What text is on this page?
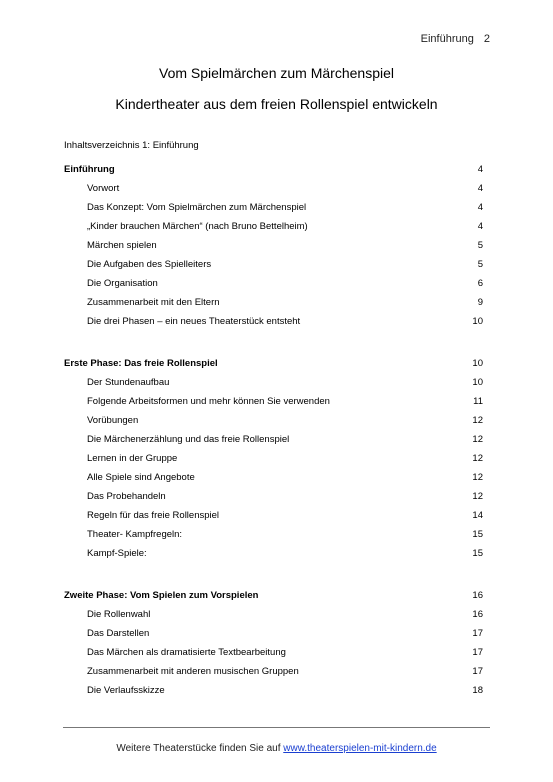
Einführung 2
Vom Spielmärchen zum Märchenspiel
Kindertheater aus dem freien Rollenspiel entwickeln
Inhaltsverzeichnis 1: Einführung
Einführung	4
Vorwort	4
Das Konzept: Vom Spielmärchen zum Märchenspiel	4
„Kinder brauchen Märchen“ (nach Bruno Bettelheim)	4
Märchen spielen	5
Die Aufgaben des Spielleiters	5
Die Organisation	6
Zusammenarbeit mit den Eltern	9
Die drei Phasen – ein neues Theaterstück entsteht	10
Erste Phase: Das freie Rollenspiel	10
Der Stundenaufbau	10
Folgende Arbeitsformen und mehr können Sie verwenden	11
Vorübungen	12
Die Märchenerzählung und das freie Rollenspiel	12
Lernen in der Gruppe	12
Alle Spiele sind Angebote	12
Das Probehandeln	12
Regeln für das freie Rollenspiel	14
Theater- Kampfregeln:	15
Kampf-Spiele:	15
Zweite Phase: Vom Spielen zum Vorspielen	16
Die Rollenwahl	16
Das Darstellen	17
Das Märchen als dramatisierte Textbearbeitung	17
Zusammenarbeit mit anderen musischen Gruppen	17
Die Verlaufsskizze	18
Weitere Theaterstücke finden Sie auf www.theaterspielen-mit-kindern.de
